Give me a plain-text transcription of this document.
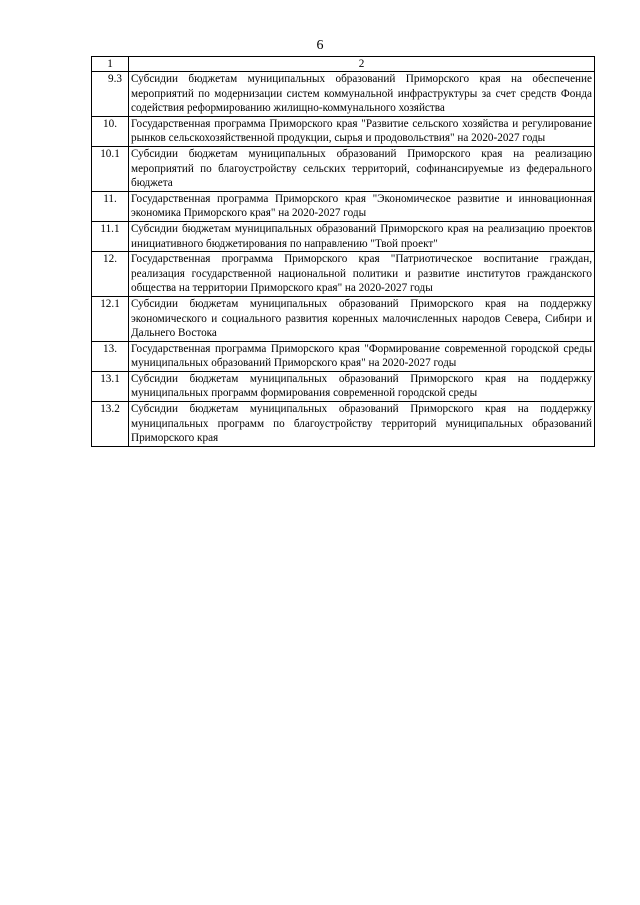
6
1	2
9.3	Субсидии бюджетам муниципальных образований Приморского края на обеспечение мероприятий по модернизации систем коммунальной инфраструктуры за счет средств Фонда содействия реформированию жилищно-коммунального хозяйства
10.	Государственная программа Приморского края "Развитие сельского хозяйства и регулирование рынков сельскохозяйственной продукции, сырья и продовольствия" на 2020-2027 годы
10.1	Субсидии бюджетам муниципальных образований Приморского края на реализацию мероприятий по благоустройству сельских территорий, софинансируемые из федерального бюджета
11.	Государственная программа Приморского края "Экономическое развитие и инновационная экономика Приморского края" на 2020-2027 годы
11.1	Субсидии бюджетам муниципальных образований Приморского края на реализацию проектов инициативного бюджетирования по направлению "Твой проект"
12.	Государственная программа Приморского края "Патриотическое воспитание граждан, реализация государственной национальной политики и развитие институтов гражданского общества на территории Приморского края" на 2020-2027 годы
12.1	Субсидии бюджетам муниципальных образований Приморского края на поддержку экономического и социального развития коренных малочисленных народов Севера, Сибири и Дальнего Востока
13.	Государственная программа Приморского края "Формирование современной городской среды муниципальных образований Приморского края" на 2020-2027 годы
13.1	Субсидии бюджетам муниципальных образований Приморского края на поддержку муниципальных программ формирования современной городской среды
13.2	Субсидии бюджетам муниципальных образований Приморского края на поддержку муниципальных программ по благоустройству территорий муниципальных образований Приморского края
